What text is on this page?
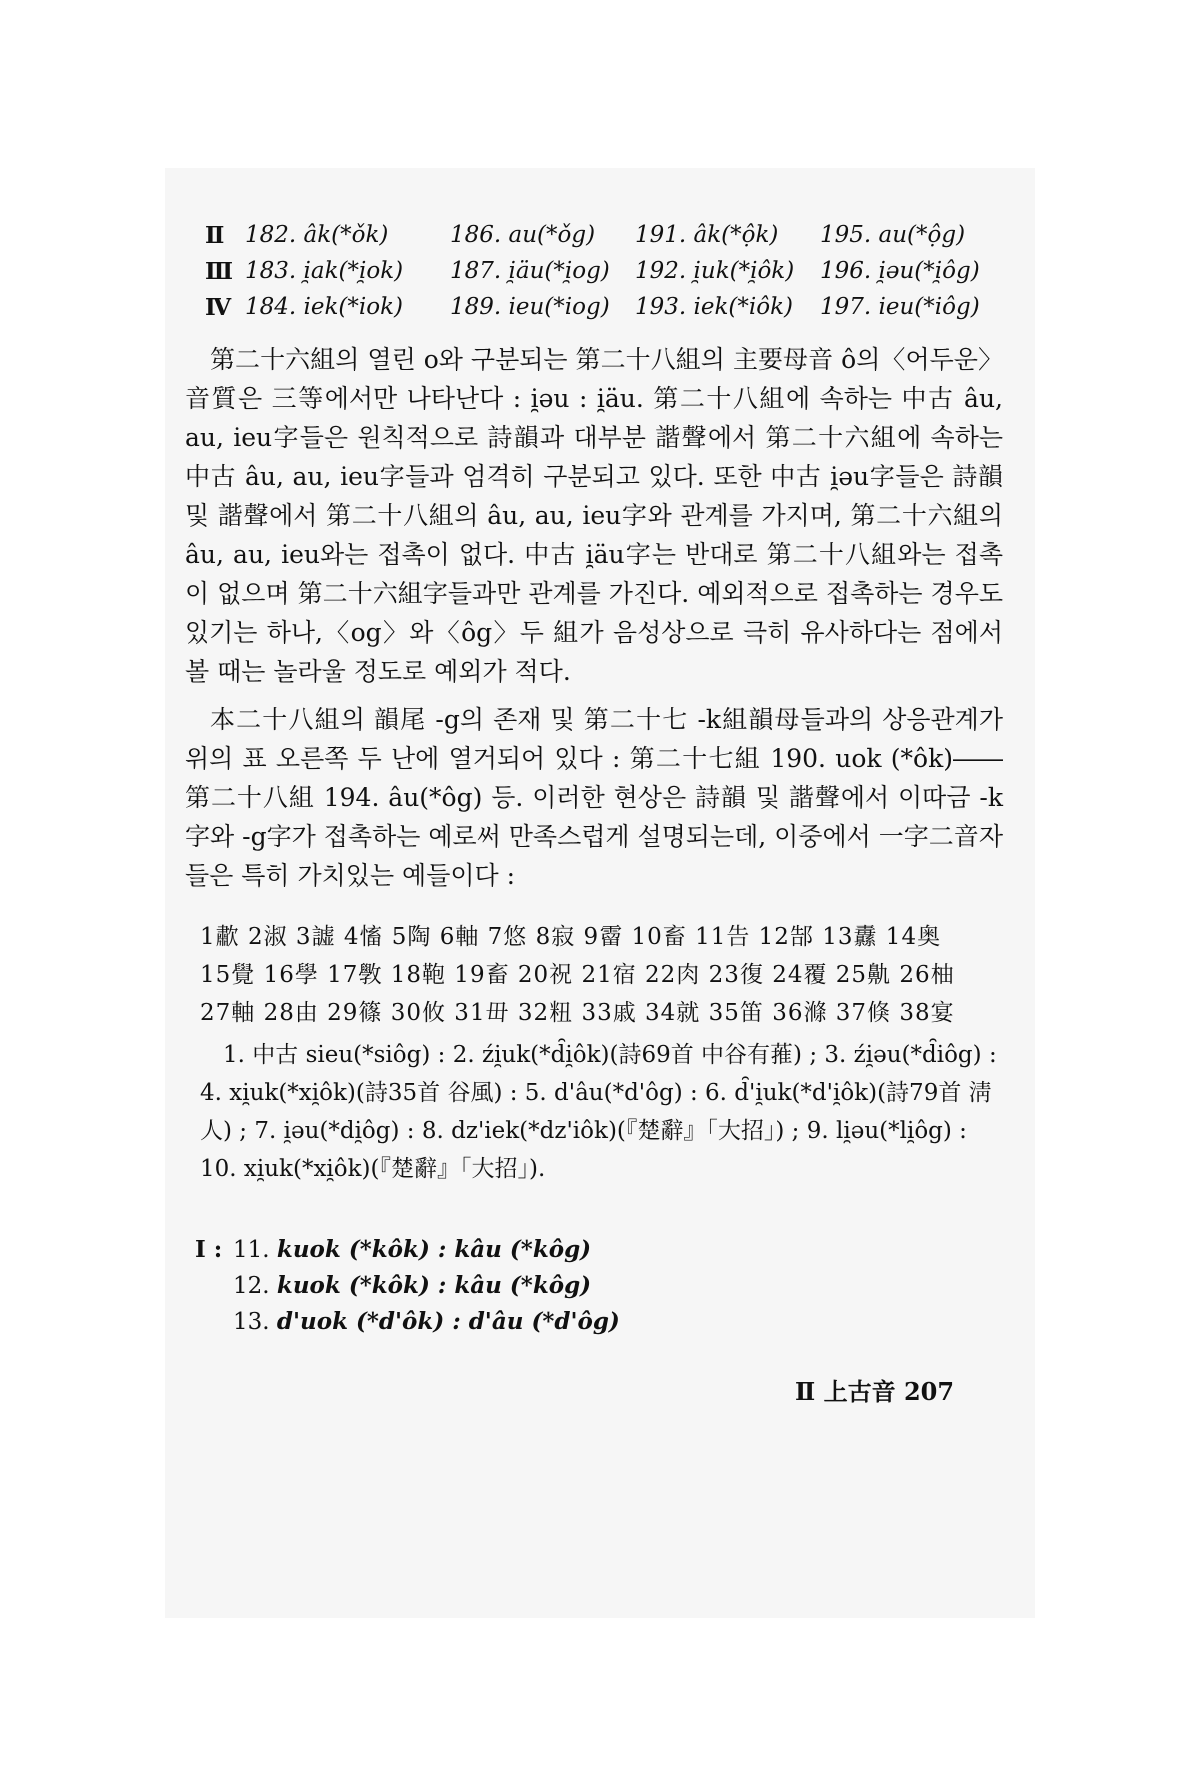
Ⅱ 182. âk(*ǒk)	186. au(*ǒg) 191. âk(*ộk) 195. au(*ộg)
Ⅲ 183. i̯ak(*i̯ok) 187. i̯äu(*i̯og) 192. i̯uk(*i̯ôk) 196. i̯əu(*i̯ôg)
Ⅳ 184. iek(*iok) 189. ieu(*iog) 193. iek(*iôk) 197. ieu(*iôg)

第二十六組의 열린 o와 구분되는 第二十八組의 主要母音 ô의〈어두운〉音質은 三等에서만 나타난다 : i̯əu : i̯äu. 第二十八組에 속하는 中古 âu, au, ieu字들은 원칙적으로 詩韻과 대부분 諧聲에서 第二十六組에 속하는 中古 âu, au, ieu字들과 엄격히 구분되고 있다. 또한 中古 i̯əu字들은 詩韻 및 諧聲에서 第二十八組의 âu, au, ieu字와 관계를 가지며, 第二十六組의 âu, au, ieu와는 접촉이 없다. 中古 i̯äu字는 반대로 第二十八組와는 접촉이 없으며 第二十六組字들과만 관계를 가진다. 예외적으로 접촉하는 경우도 있기는 하나,〈og〉와〈ôg〉두 組가 음성상으로 극히 유사하다는 점에서 볼 때는 놀라울 정도로 예외가 적다.

本二十八組의 韻尾 -g의 존재 및 第二十七 -k組韻母들과의 상응관계가 위의 표 오른쪽 두 난에 열거되어 있다 : 第二十七組 190. uok (*ôk)――第二十八組 194. âu(*ôg) 등. 이러한 현상은 詩韻 및 諧聲에서 이따금 -k字와 -g字가 접촉하는 예로써 만족스럽게 설명되는데, 이중에서 一字二音자들은 특히 가치있는 예들이다 :

1歗 2淑 3譃 4慉 5陶 6軸 7悠 8寂 9霤 10畜 11告 12郜 13纛 14奥
15覺 16學 17斆 18鞄 19畜 20祝 21宿 22肉 23復 24覆 25鼽 26柚
27軸 28由 29篠 30攸 31毌 32粈 33戚 34就 35笛 36滌 37倏 38宴

1. 中古 sieu(*siôg) : 2. źi̯uk(*d̑i̯ôk)(詩69首 中谷有蓷) ; 3. źi̯əu(*d̑iôg) : 4. xi̯uk(*xi̯ôk)(詩35首 谷風) : 5. d'âu(*d'ôg) : 6. d̑'i̯uk(*d'i̯ôk)(詩79首 淸人) ; 7. i̯əu(*di̯ôg) : 8. dz'iek(*dz'iôk)(『楚辭』「大招」) ; 9. li̯əu(*li̯ôg) : 10. xi̯uk(*xi̯ôk)(『楚辭』「大招」).

Ⅰ : 11. kuok (*kôk) : kâu (*kôg)
12. kuok (*kôk) : kâu (*kôg)
13. d'uok (*d'ôk) : d'âu (*d'ôg)
Ⅱ 上古音 207
